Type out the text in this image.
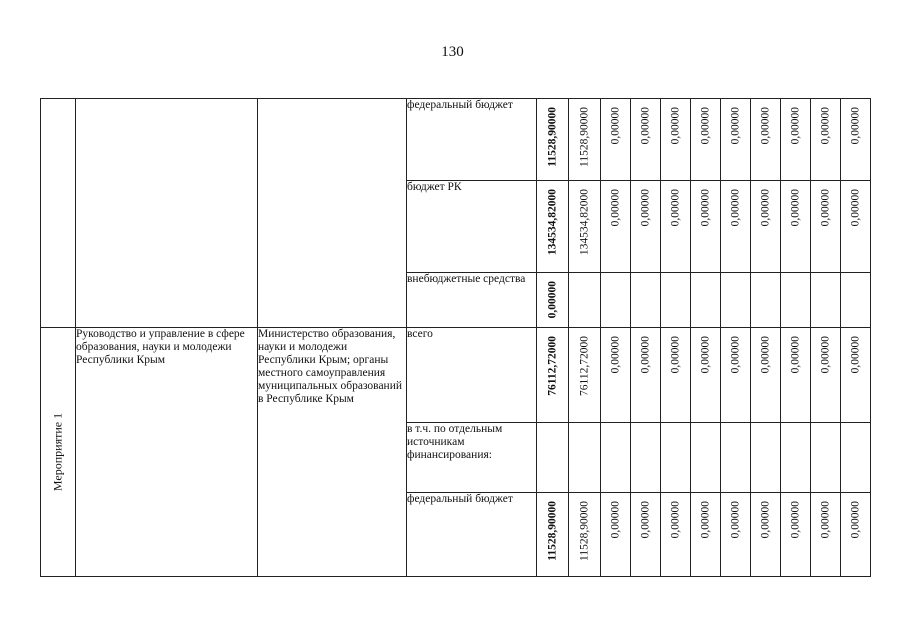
130
			федеральный бюджет	11528,90000	11528,90000	0,00000	0,00000	0,00000	0,00000	0,00000	0,00000	0,00000	0,00000	0,00000

			бюджет РК	134534,82000	134534,82000	0,00000	0,00000	0,00000	0,00000	0,00000	0,00000	0,00000	0,00000	0,00000

			внебюджетные средства	0,00000										

Мероприятие 1	Руководство и управление в сфере образования, науки и молодежи Республики Крым	Министерство образования, науки и молодежи Республики Крым; органы местного самоуправления муниципальных образований в Республике Крым	всего	76112,72000	76112,72000	0,00000	0,00000	0,00000	0,00000	0,00000	0,00000	0,00000	0,00000	0,00000

			в т.ч. по отдельным источникам финансирования:	

			федеральный бюджет	11528,90000	11528,90000	0,00000	0,00000	0,00000	0,00000	0,00000	0,00000	0,00000	0,00000	0,00000
